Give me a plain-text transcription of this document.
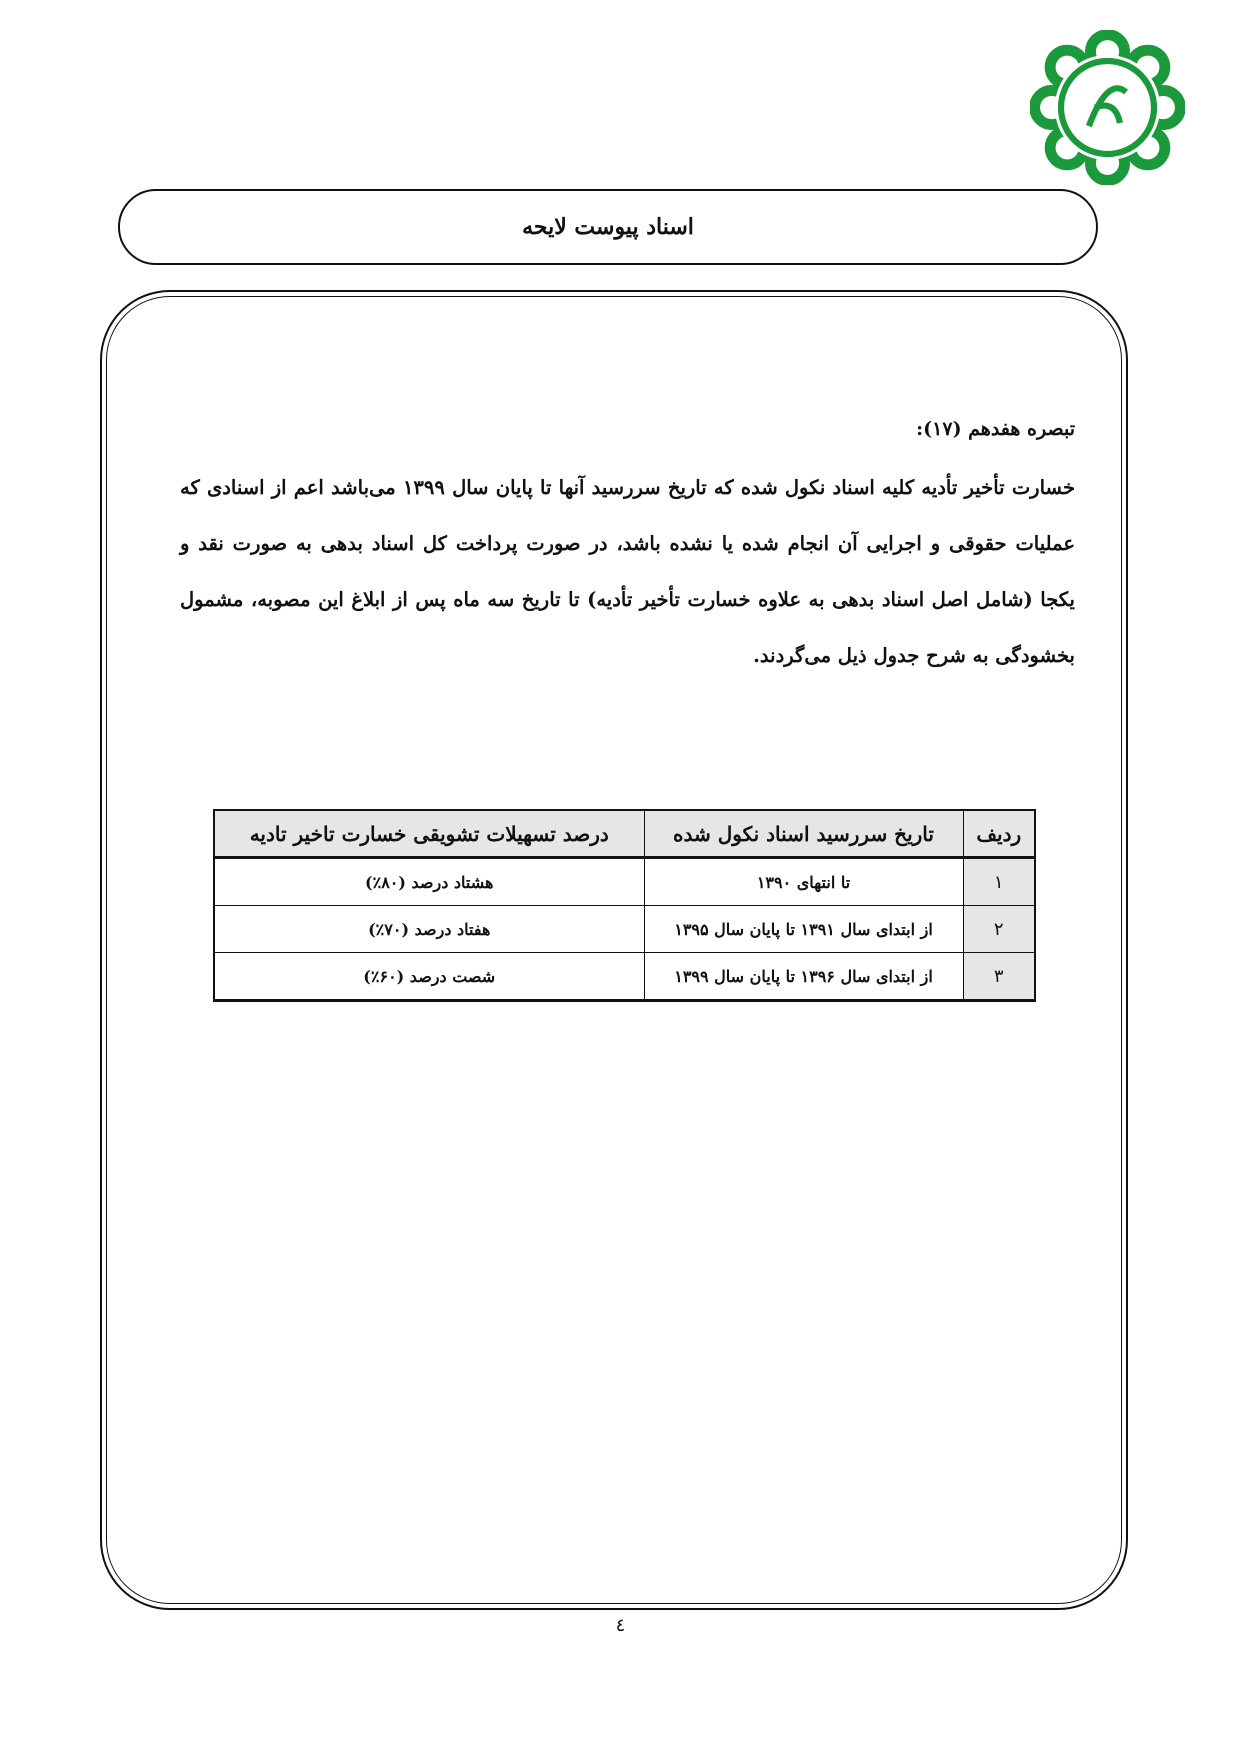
اسناد پیوست لایحه
تبصره هفدهم (۱۷):
خسارت تأخیر تأدیه کلیه اسناد نکول شده که تاریخ سررسید آنها تا پایان سال ۱۳۹۹ می‌باشد اعم از اسنادی که عملیات حقوقی و اجرایی آن انجام شده یا نشده باشد، در صورت پرداخت کل اسناد بدهی به صورت نقد و یکجا (شامل اصل اسناد بدهی به علاوه خسارت تأخیر تأدیه) تا تاریخ سه ماه پس از ابلاغ این مصوبه، مشمول بخشودگی به شرح جدول ذیل می‌گردند.
ردیف	تاریخ سررسید اسناد نکول شده	درصد تسهیلات تشویقی خسارت تاخیر تادیه
۱	تا انتهای ۱۳۹۰	هشتاد درصد (۸۰٪)
۲	از ابتدای سال ۱۳۹۱ تا پایان سال ۱۳۹۵	هفتاد درصد (۷۰٪)
۳	از ابتدای سال ۱۳۹۶ تا پایان سال ۱۳۹۹	شصت درصد (۶۰٪)
٤
